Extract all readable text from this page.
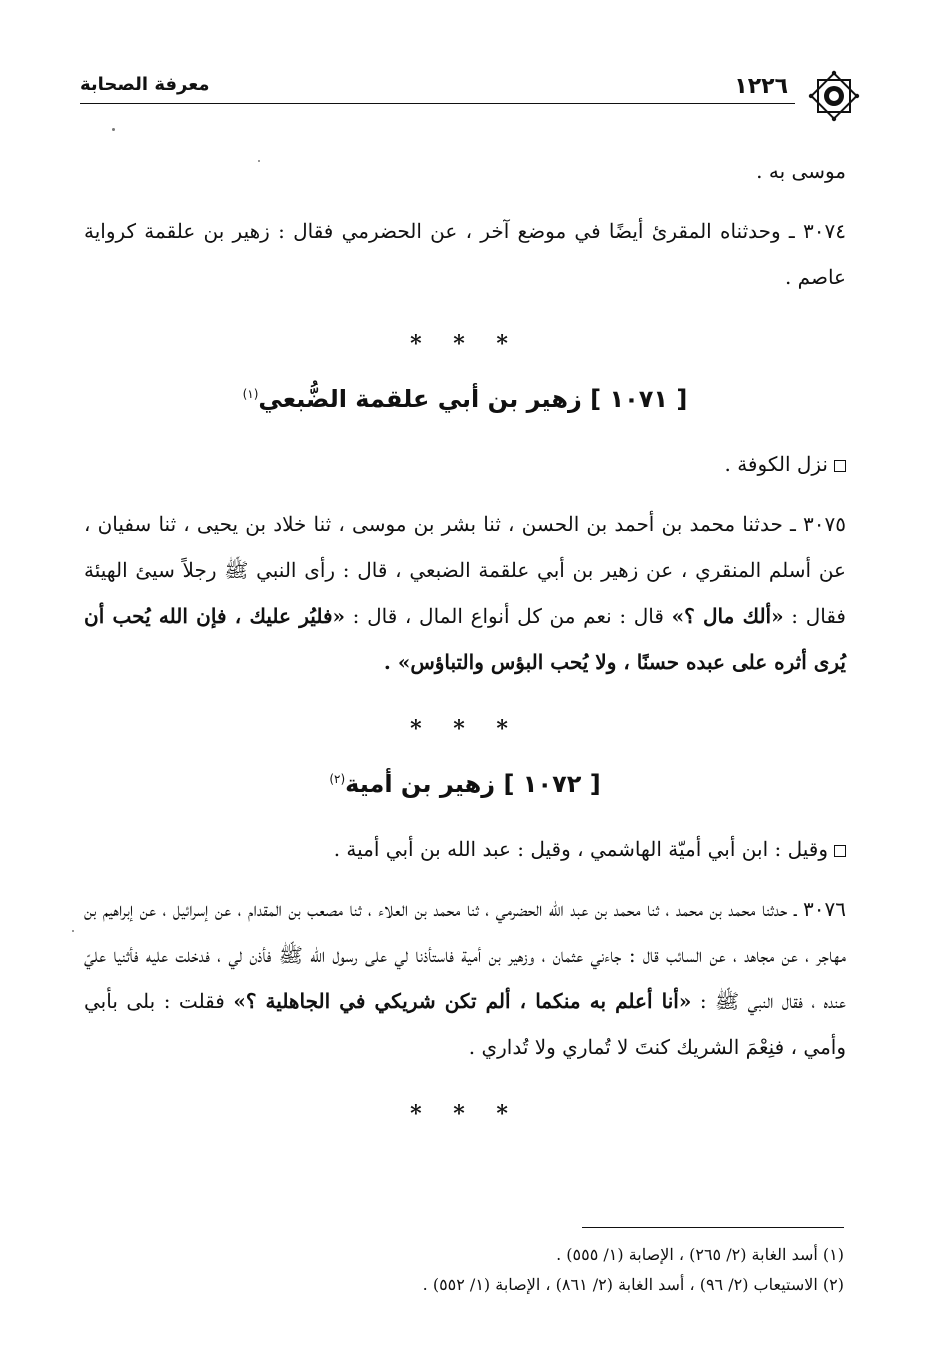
١٢٢٦
معرفة الصحابة

موسى به .

٣٠٧٤ ـ وحدثناه المقرئ أيضًا في موضع آخر ، عن الحضرمي فقال : زهير بن علقمة كرواية عاصم .

* * *

[ ١٠٧١ ] زهير بن أبي علقمة الضُّبعي$^{(١)}$

نزل الكوفة .

٣٠٧٥ ـ حدثنا محمد بن أحمد بن الحسن ، ثنا بشر بن موسى ، ثنا خلاد بن يحيى ، ثنا سفيان ، عن أسلم المنقري ، عن زهير بن أبي علقمة الضبعي ، قال : رأى النبي ﷺ رجلاً سيئ الهيئة فقال : «ألك مال ؟» قال : نعم من كل أنواع المال ، قال : «فليُر عليك ، فإن الله يُحب أن يُرى أثره على عبده حسنًا ، ولا يُحب البؤس والتباؤس» .

* * *

[ ١٠٧٢ ] زهير بن أمية$^{(٢)}$

وقيل : ابن أبي أميّة الهاشمي ، وقيل : عبد الله بن أبي أمية .

٣٠٧٦ ـ حدثنا محمد بن محمد ، ثنا محمد بن عبد الله الحضرمي ، ثنا محمد بن العلاء ، ثنا مصعب بن المقدام ، عن إسرائيل ، عن إبراهيم بن مهاجر ، عن مجاهد ، عن السائب قال : جاءني عثمان ، وزهير بن أمية فاستأذنا لي على رسول الله ﷺ فأذن لي ، فدخلت عليه فأثنيا عليّ عنده ، فقال النبي ﷺ : «أنا أعلم به منكما ، ألم تكن شريكي في الجاهلية ؟» فقلت : بلى بأبي وأمي ، فنِعْمَ الشريك كنتَ لا تُماري ولا تُداري .

* * *

(١) أسد الغابة (٢/ ٢٦٥) ، الإصابة (١/ ٥٥٥) .

(٢) الاستيعاب (٢/ ٩٦) ، أسد الغابة (٢/ ٨٦١) ، الإصابة (١/ ٥٥٢) .
